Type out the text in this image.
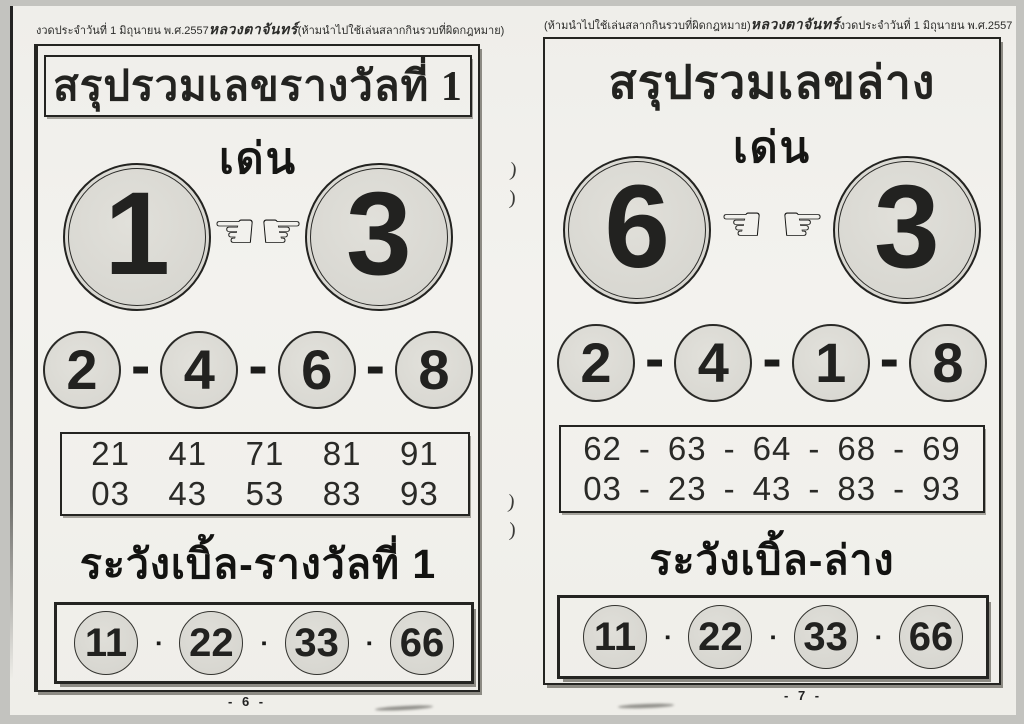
งวดประจำวันที่ 1 มิถุนายน พ.ศ.2557 หลวงตาจันทร์ (ห้ามนำไปใช้เล่นสลากกินรวบที่ผิดกฎหมาย)
สรุปรวมเลขรางวัลที่ 1
เด่น
1 ☜ ☞ 3
2 - 4 - 6 - 8
21 41 71 81 91
03 43 53 83 93
ระวังเบิ้ล-รางวัลที่ 1
11 ▪ 22 ▪ 33 ▪ 66
- 6 -
(ห้ามนำไปใช้เล่นสลากกินรวบที่ผิดกฎหมาย) หลวงตาจันทร์ งวดประจำวันที่ 1 มิถุนายน พ.ศ.2557
สรุปรวมเลขล่าง
เด่น
6 ☜ ☞ 3
2 - 4 - 1 - 8
62 - 63 - 64 - 68 - 69
03 - 23 - 43 - 83 - 93
ระวังเบิ้ล-ล่าง
11 ▪ 22 ▪ 33 ▪ 66
- 7 -
)
)
)
)
